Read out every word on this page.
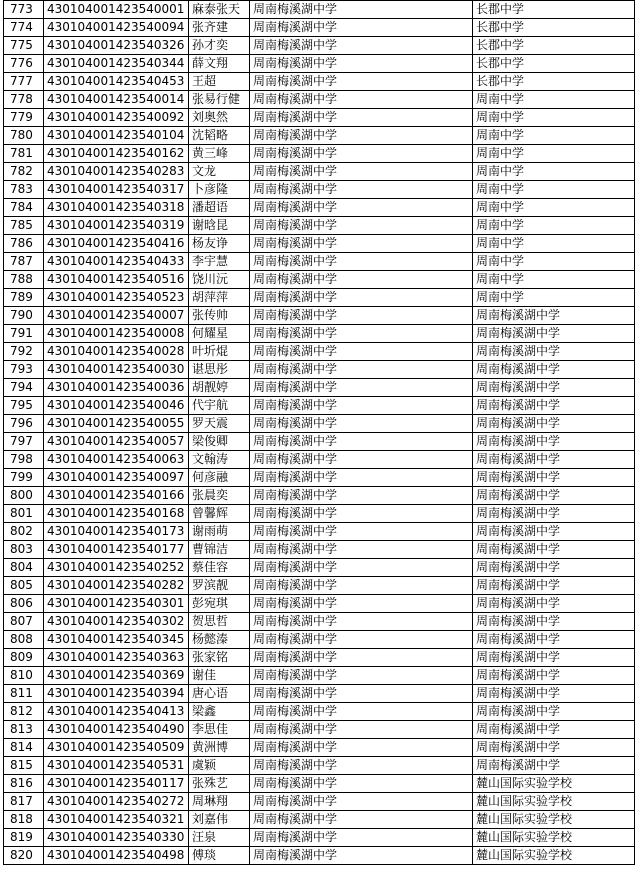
773	430104001423540001	麻泰张天	周南梅溪湖中学	长郡中学
774	430104001423540094	张齐建	周南梅溪湖中学	长郡中学
775	430104001423540326	孙才奕	周南梅溪湖中学	长郡中学
776	430104001423540344	薛文翔	周南梅溪湖中学	长郡中学
777	430104001423540453	王超	周南梅溪湖中学	长郡中学
778	430104001423540014	张易行健	周南梅溪湖中学	周南中学
779	430104001423540092	刘奥然	周南梅溪湖中学	周南中学
780	430104001423540104	沈韬略	周南梅溪湖中学	周南中学
781	430104001423540162	黄三峰	周南梅溪湖中学	周南中学
782	430104001423540283	文龙	周南梅溪湖中学	周南中学
783	430104001423540317	卜彦隆	周南梅溪湖中学	周南中学
784	430104001423540318	潘超语	周南梅溪湖中学	周南中学
785	430104001423540319	谢晗昆	周南梅溪湖中学	周南中学
786	430104001423540416	杨友诤	周南梅溪湖中学	周南中学
787	430104001423540433	李宇慧	周南梅溪湖中学	周南中学
788	430104001423540516	饶川沅	周南梅溪湖中学	周南中学
789	430104001423540523	胡萍萍	周南梅溪湖中学	周南中学
790	430104001423540007	张传帅	周南梅溪湖中学	周南梅溪湖中学
791	430104001423540008	何耀星	周南梅溪湖中学	周南梅溪湖中学
792	430104001423540028	叶圻焜	周南梅溪湖中学	周南梅溪湖中学
793	430104001423540030	谌思彤	周南梅溪湖中学	周南梅溪湖中学
794	430104001423540036	胡靓婷	周南梅溪湖中学	周南梅溪湖中学
795	430104001423540046	代宇航	周南梅溪湖中学	周南梅溪湖中学
796	430104001423540055	罗天震	周南梅溪湖中学	周南梅溪湖中学
797	430104001423540057	梁俊卿	周南梅溪湖中学	周南梅溪湖中学
798	430104001423540063	文翰涛	周南梅溪湖中学	周南梅溪湖中学
799	430104001423540097	何彦融	周南梅溪湖中学	周南梅溪湖中学
800	430104001423540166	张晨奕	周南梅溪湖中学	周南梅溪湖中学
801	430104001423540168	曾馨辉	周南梅溪湖中学	周南梅溪湖中学
802	430104001423540173	谢雨萌	周南梅溪湖中学	周南梅溪湖中学
803	430104001423540177	曹锦洁	周南梅溪湖中学	周南梅溪湖中学
804	430104001423540252	蔡佳容	周南梅溪湖中学	周南梅溪湖中学
805	430104001423540282	罗滨靓	周南梅溪湖中学	周南梅溪湖中学
806	430104001423540301	彭宛琪	周南梅溪湖中学	周南梅溪湖中学
807	430104001423540302	贺思哲	周南梅溪湖中学	周南梅溪湖中学
808	430104001423540345	杨懿溱	周南梅溪湖中学	周南梅溪湖中学
809	430104001423540363	张家铭	周南梅溪湖中学	周南梅溪湖中学
810	430104001423540369	谢佳	周南梅溪湖中学	周南梅溪湖中学
811	430104001423540394	唐心语	周南梅溪湖中学	周南梅溪湖中学
812	430104001423540413	梁鑫	周南梅溪湖中学	周南梅溪湖中学
813	430104001423540490	李思佳	周南梅溪湖中学	周南梅溪湖中学
814	430104001423540509	黄洲博	周南梅溪湖中学	周南梅溪湖中学
815	430104001423540531	虞颖	周南梅溪湖中学	周南梅溪湖中学
816	430104001423540117	张殊艺	周南梅溪湖中学	麓山国际实验学校
817	430104001423540272	周琳翔	周南梅溪湖中学	麓山国际实验学校
818	430104001423540321	刘嘉伟	周南梅溪湖中学	麓山国际实验学校
819	430104001423540330	汪泉	周南梅溪湖中学	麓山国际实验学校
820	430104001423540498	傅琰	周南梅溪湖中学	麓山国际实验学校
